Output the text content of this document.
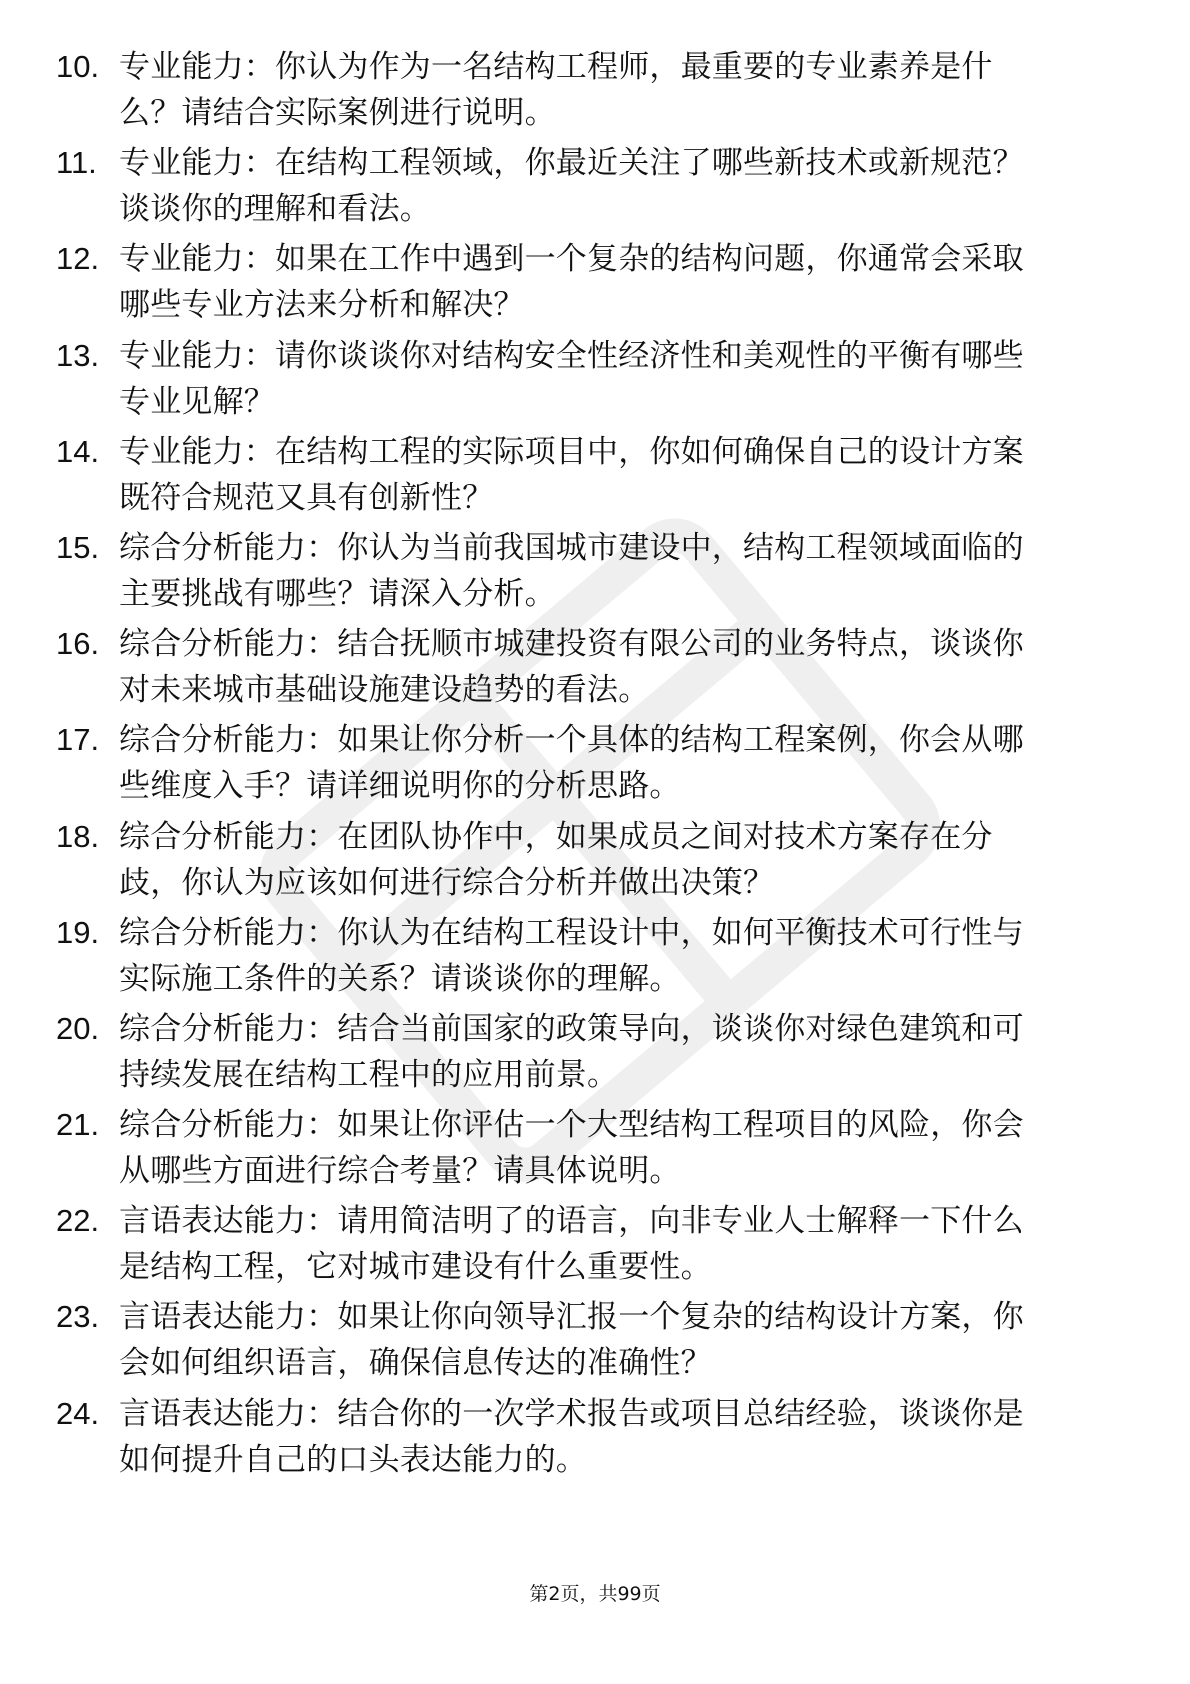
10. 专业能力：你认为作为一名结构工程师，最重要的专业素养是什么？请结合实际案例进行说明。
11. 专业能力：在结构工程领域，你最近关注了哪些新技术或新规范？谈谈你的理解和看法。
12. 专业能力：如果在工作中遇到一个复杂的结构问题，你通常会采取哪些专业方法来分析和解决？
13. 专业能力：请你谈谈你对结构安全性经济性和美观性的平衡有哪些专业见解？
14. 专业能力：在结构工程的实际项目中，你如何确保自己的设计方案既符合规范又具有创新性？
15. 综合分析能力：你认为当前我国城市建设中，结构工程领域面临的主要挑战有哪些？请深入分析。
16. 综合分析能力：结合抚顺市城建投资有限公司的业务特点，谈谈你对未来城市基础设施建设趋势的看法。
17. 综合分析能力：如果让你分析一个具体的结构工程案例，你会从哪些维度入手？请详细说明你的分析思路。
18. 综合分析能力：在团队协作中，如果成员之间对技术方案存在分歧，你认为应该如何进行综合分析并做出决策？
19. 综合分析能力：你认为在结构工程设计中，如何平衡技术可行性与实际施工条件的关系？请谈谈你的理解。
20. 综合分析能力：结合当前国家的政策导向，谈谈你对绿色建筑和可持续发展在结构工程中的应用前景。
21. 综合分析能力：如果让你评估一个大型结构工程项目的风险，你会从哪些方面进行综合考量？请具体说明。
22. 言语表达能力：请用简洁明了的语言，向非专业人士解释一下什么是结构工程，它对城市建设有什么重要性。
23. 言语表达能力：如果让你向领导汇报一个复杂的结构设计方案，你会如何组织语言，确保信息传达的准确性？
24. 言语表达能力：结合你的一次学术报告或项目总结经验，谈谈你是如何提升自己的口头表达能力的。
第2页，共99页
